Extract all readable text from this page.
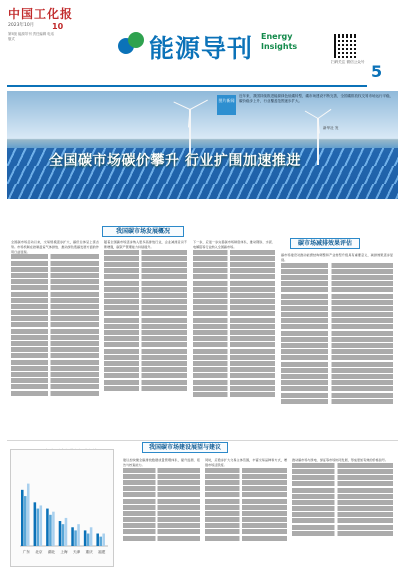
中国工化报
2023年10月 10
第5版 能源导刊 责任编辑 电话 版式	能源导刊 Energy
Insights
扫码关注 微信公众号 5
图片新闻
近年来，我国持续推进能源绿色低碳转型，碳市场建设不断完善，全国碳排放权交易市场运行平稳，碳价稳步上升，行业覆盖范围逐步扩大。
新华社 发
全国碳市场碳价攀升 行业扩围加速推进
我国碳市场发展概况
碳市场减排效果评估
全国碳市场启动以来，交易规模逐步扩大，碳价总体呈上涨态势。市场机制在控制温室气体排放、推动绿色低碳发展方面的作用日益显现。

随着全国碳市场逐步纳入更多高排放行业，企业减排意识不断增强，碳资产管理能力持续提升。

下一步，应进一步完善碳市场制度体系，推动钢铁、水泥、电解铝等行业纳入全国碳市场。

碳市场建设对推动能源结构调整和产业转型升级具有重要意义，减排效果逐步显现。

我国碳市场建设展望与建议
广东 北京 湖北 上海 天津 重庆 福建
建议加快健全碳排放数据质量管理体系，提升监测、报告与核查能力。

同时，应稳步扩大交易主体范围，丰富交易品种和方式，增强市场活跃度。

推动碳市场与绿电、绿证等市场协同发展，形成更加有效的价格信号。
